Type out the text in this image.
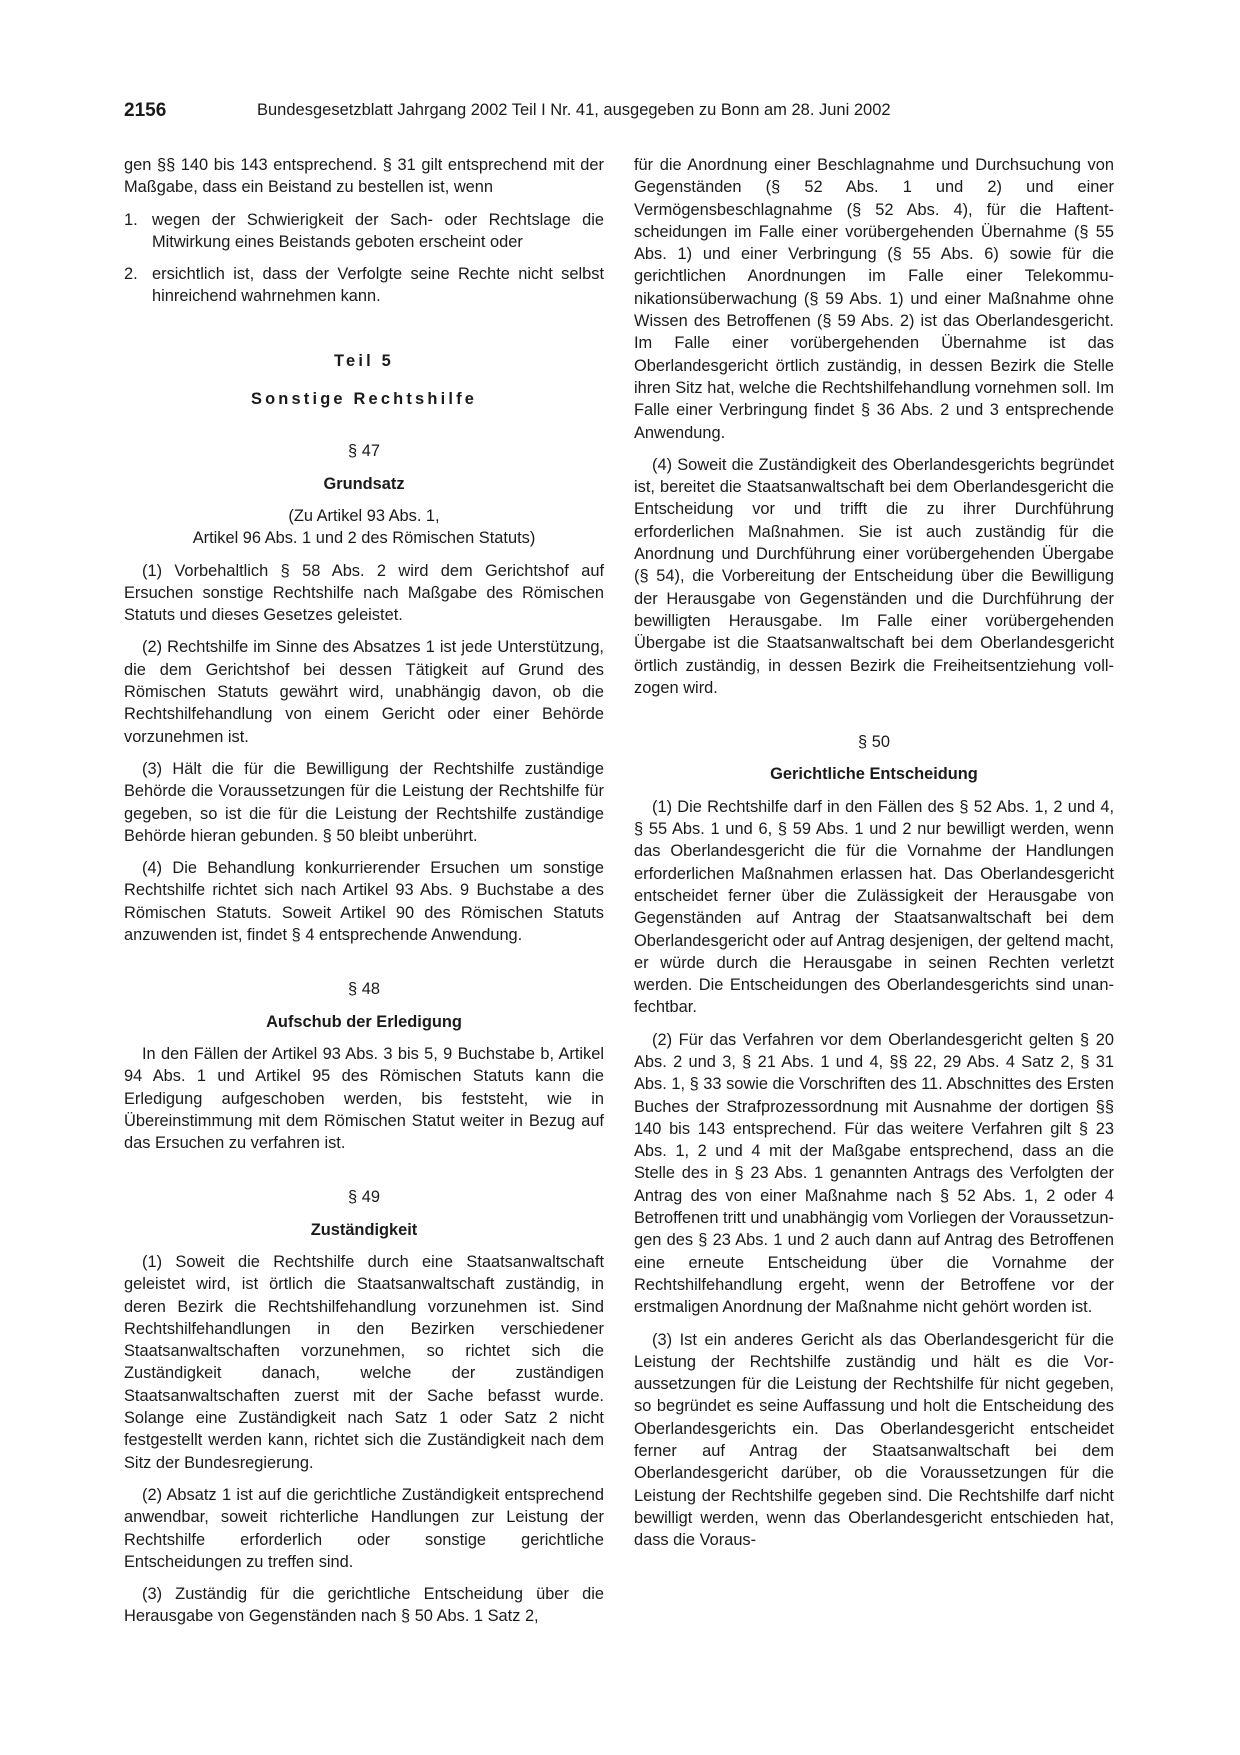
2156	Bundesgesetzblatt Jahrgang 2002 Teil I Nr. 41, ausgegeben zu Bonn am 28. Juni 2002

gen §§ 140 bis 143 entsprechend. § 31 gilt entsprechend mit der Maßgabe, dass ein Beistand zu bestellen ist, wenn

1. wegen der Schwierigkeit der Sach- oder Rechtslage die Mitwirkung eines Beistands geboten erscheint oder
2. ersichtlich ist, dass der Verfolgte seine Rechte nicht selbst hinreichend wahrnehmen kann.

Teil 5

Sonstige Rechtshilfe

§ 47

Grundsatz

(Zu Artikel 93 Abs. 1,

Artikel 96 Abs. 1 und 2 des Römischen Statuts)

(1) Vorbehaltlich § 58 Abs. 2 wird dem Gerichtshof auf Ersuchen sonstige Rechtshilfe nach Maßgabe des Römischen Statuts und dieses Gesetzes geleistet.

(2) Rechtshilfe im Sinne des Absatzes 1 ist jede Unterstützung, die dem Gerichtshof bei dessen Tätigkeit auf Grund des Römischen Statuts gewährt wird, unabhängig davon, ob die Rechtshilfehandlung von einem Gericht oder einer Behörde vorzunehmen ist.

(3) Hält die für die Bewilligung der Rechtshilfe zuständige Behörde die Voraussetzungen für die Leistung der Rechtshilfe für gegeben, so ist die für die Leistung der Rechtshilfe zuständige Behörde hieran gebunden. § 50 bleibt unberührt.

(4) Die Behandlung konkurrierender Ersuchen um sonstige Rechtshilfe richtet sich nach Artikel 93 Abs. 9 Buchstabe a des Römischen Statuts. Soweit Artikel 90 des Römischen Statuts anzuwenden ist, findet § 4 entsprechende Anwendung.

§ 48

Aufschub der Erledigung

In den Fällen der Artikel 93 Abs. 3 bis 5, 9 Buchstabe b, Artikel 94 Abs. 1 und Artikel 95 des Römischen Statuts kann die Erledigung aufgeschoben werden, bis feststeht, wie in Übereinstimmung mit dem Römischen Statut weiter in Bezug auf das Ersuchen zu verfahren ist.

§ 49

Zuständigkeit

(1) Soweit die Rechtshilfe durch eine Staatsanwaltschaft geleistet wird, ist örtlich die Staatsanwaltschaft zuständig, in deren Bezirk die Rechtshilfehandlung vorzunehmen ist. Sind Rechtshilfehandlungen in den Bezirken verschiedener Staatsanwaltschaften vorzunehmen, so richtet sich die Zuständigkeit danach, welche der zuständigen Staatsanwaltschaften zuerst mit der Sache befasst wurde. Solange eine Zuständigkeit nach Satz 1 oder Satz 2 nicht festgestellt werden kann, richtet sich die Zuständigkeit nach dem Sitz der Bundesregierung.

(2) Absatz 1 ist auf die gerichtliche Zuständigkeit entsprechend anwendbar, soweit richterliche Handlungen zur Leistung der Rechtshilfe erforderlich oder sonstige gerichtliche Entscheidungen zu treffen sind.

(3) Zuständig für die gerichtliche Entscheidung über die Herausgabe von Gegenständen nach § 50 Abs. 1 Satz 2,

für die Anordnung einer Beschlagnahme und Durchsuchung von Gegenständen (§ 52 Abs. 1 und 2) und einer Vermögensbeschlagnahme (§ 52 Abs. 4), für die Haftentscheidungen im Falle einer vorübergehenden Übernahme (§ 55 Abs. 1) und einer Verbringung (§ 55 Abs. 6) sowie für die gerichtlichen Anordnungen im Falle einer Telekommunikationsüberwachung (§ 59 Abs. 1) und einer Maßnahme ohne Wissen des Betroffenen (§ 59 Abs. 2) ist das Oberlandesgericht. Im Falle einer vorübergehenden Übernahme ist das Oberlandesgericht örtlich zuständig, in dessen Bezirk die Stelle ihren Sitz hat, welche die Rechtshilfehandlung vornehmen soll. Im Falle einer Verbringung findet § 36 Abs. 2 und 3 entsprechende Anwendung.

(4) Soweit die Zuständigkeit des Oberlandesgerichts begründet ist, bereitet die Staatsanwaltschaft bei dem Oberlandesgericht die Entscheidung vor und trifft die zu ihrer Durchführung erforderlichen Maßnahmen. Sie ist auch zuständig für die Anordnung und Durchführung einer vorübergehenden Übergabe (§ 54), die Vorbereitung der Entscheidung über die Bewilligung der Herausgabe von Gegenständen und die Durchführung der bewilligten Herausgabe. Im Falle einer vorübergehenden Übergabe ist die Staatsanwaltschaft bei dem Oberlandesgericht örtlich zuständig, in dessen Bezirk die Freiheitsentziehung vollzogen wird.

§ 50

Gerichtliche Entscheidung

(1) Die Rechtshilfe darf in den Fällen des § 52 Abs. 1, 2 und 4, § 55 Abs. 1 und 6, § 59 Abs. 1 und 2 nur bewilligt werden, wenn das Oberlandesgericht die für die Vornahme der Handlungen erforderlichen Maßnahmen erlassen hat. Das Oberlandesgericht entscheidet ferner über die Zulässigkeit der Herausgabe von Gegenständen auf Antrag der Staatsanwaltschaft bei dem Oberlandesgericht oder auf Antrag desjenigen, der geltend macht, er würde durch die Herausgabe in seinen Rechten verletzt werden. Die Entscheidungen des Oberlandesgerichts sind unanfechtbar.

(2) Für das Verfahren vor dem Oberlandesgericht gelten § 20 Abs. 2 und 3, § 21 Abs. 1 und 4, §§ 22, 29 Abs. 4 Satz 2, § 31 Abs. 1, § 33 sowie die Vorschriften des 11. Abschnittes des Ersten Buches der Strafprozessordnung mit Ausnahme der dortigen §§ 140 bis 143 entsprechend. Für das weitere Verfahren gilt § 23 Abs. 1, 2 und 4 mit der Maßgabe entsprechend, dass an die Stelle des in § 23 Abs. 1 genannten Antrags des Verfolgten der Antrag des von einer Maßnahme nach § 52 Abs. 1, 2 oder 4 Betroffenen tritt und unabhängig vom Vorliegen der Voraussetzungen des § 23 Abs. 1 und 2 auch dann auf Antrag des Betroffenen eine erneute Entscheidung über die Vornahme der Rechtshilfehandlung ergeht, wenn der Betroffene vor der erstmaligen Anordnung der Maßnahme nicht gehört worden ist.

(3) Ist ein anderes Gericht als das Oberlandesgericht für die Leistung der Rechtshilfe zuständig und hält es die Voraussetzungen für die Leistung der Rechtshilfe für nicht gegeben, so begründet es seine Auffassung und holt die Entscheidung des Oberlandesgerichts ein. Das Oberlandesgericht entscheidet ferner auf Antrag der Staatsanwaltschaft bei dem Oberlandesgericht darüber, ob die Voraussetzungen für die Leistung der Rechtshilfe gegeben sind. Die Rechtshilfe darf nicht bewilligt werden, wenn das Oberlandesgericht entschieden hat, dass die Voraus-
